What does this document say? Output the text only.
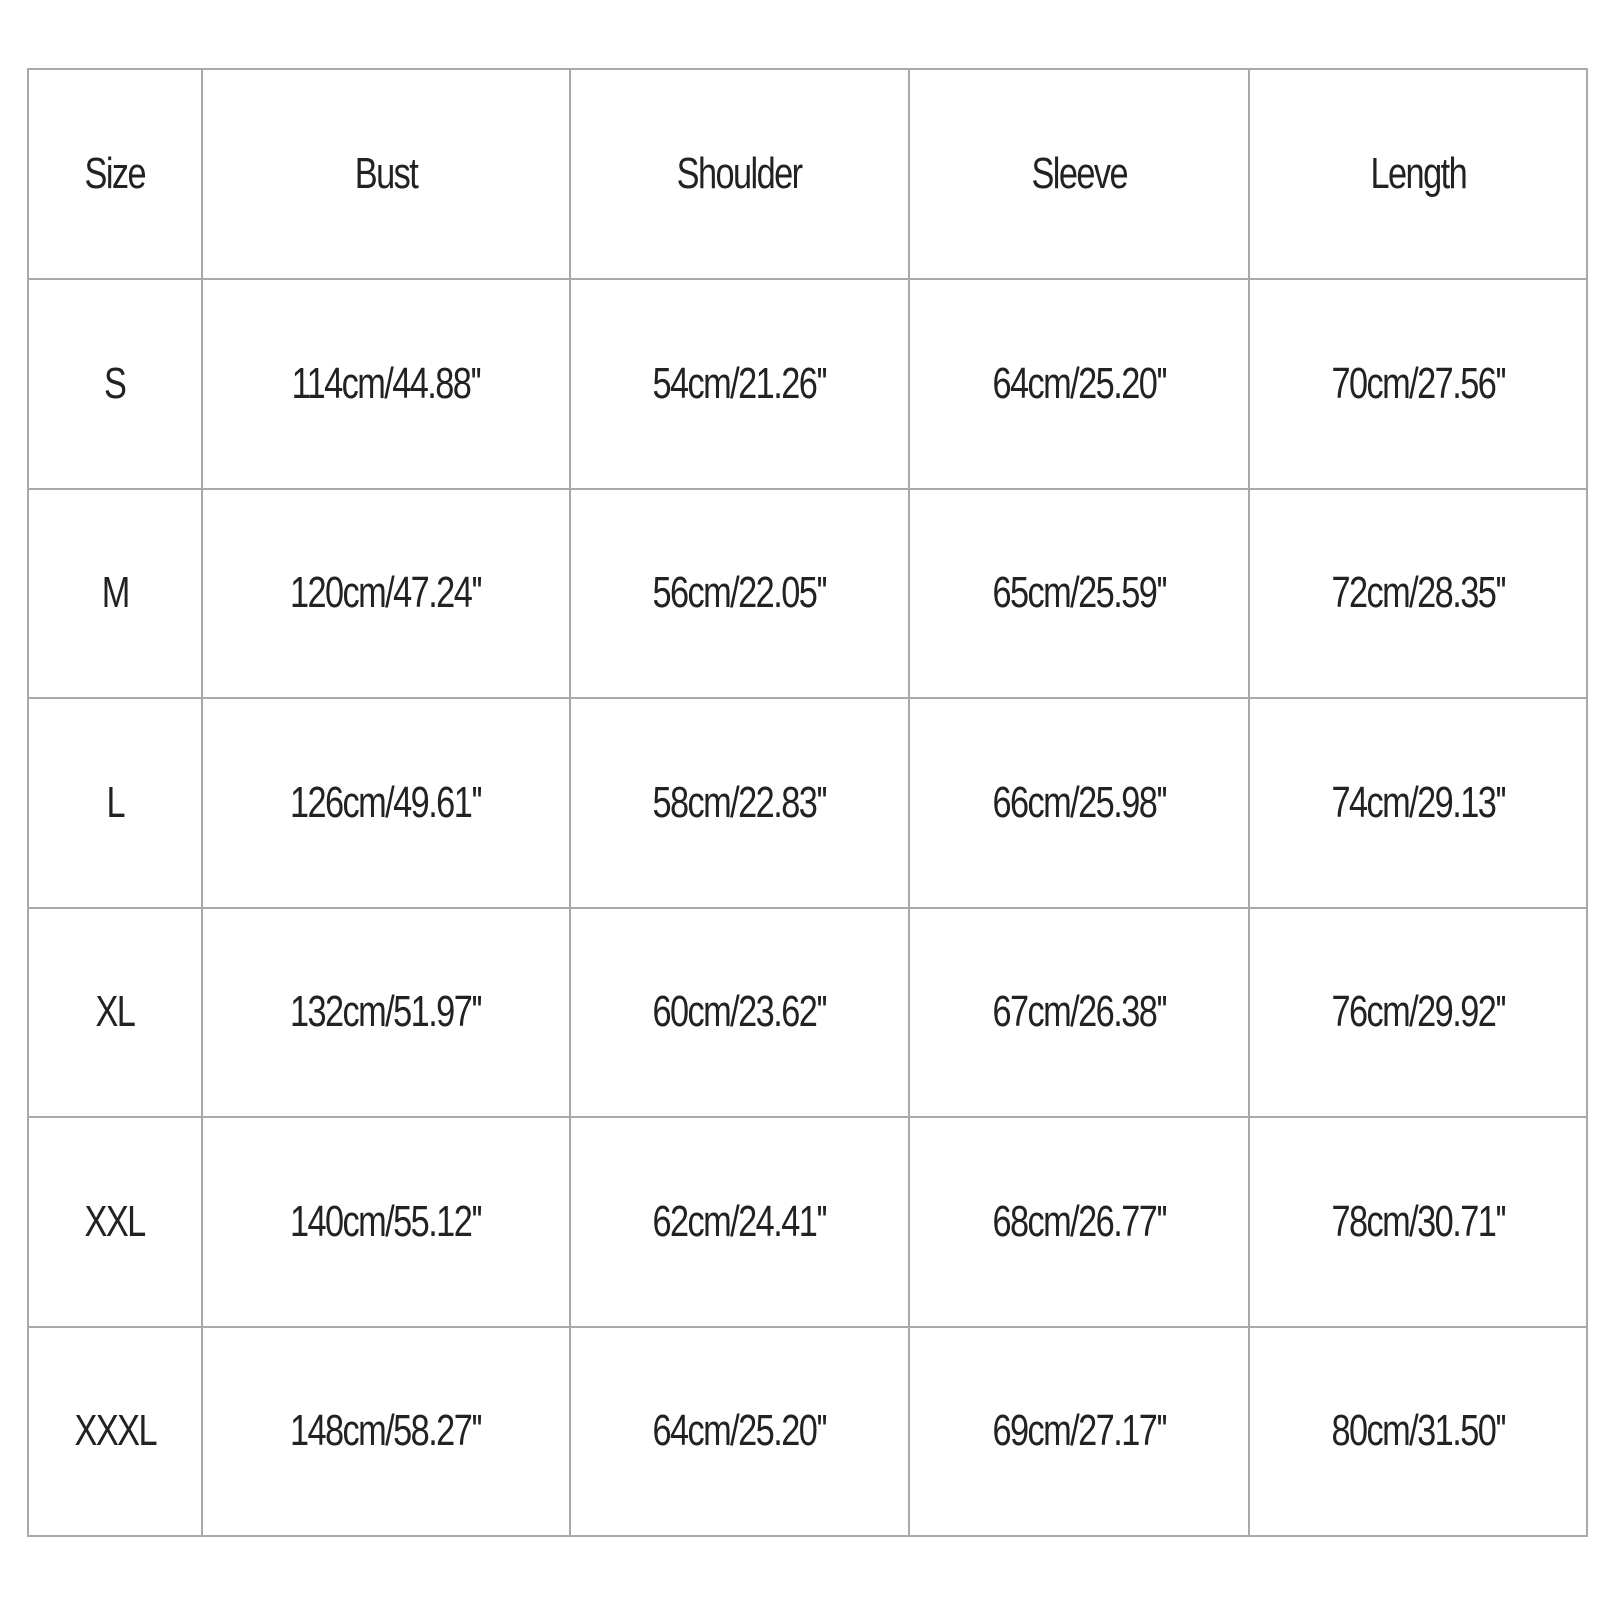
Size	Bust	Shoulder	Sleeve	Length
S	114cm/44.88''	54cm/21.26''	64cm/25.20''	70cm/27.56''
M	120cm/47.24''	56cm/22.05''	65cm/25.59''	72cm/28.35''
L	126cm/49.61''	58cm/22.83''	66cm/25.98''	74cm/29.13''
XL	132cm/51.97''	60cm/23.62''	67cm/26.38''	76cm/29.92''
XXL	140cm/55.12''	62cm/24.41''	68cm/26.77''	78cm/30.71''
XXXL	148cm/58.27''	64cm/25.20''	69cm/27.17''	80cm/31.50''
